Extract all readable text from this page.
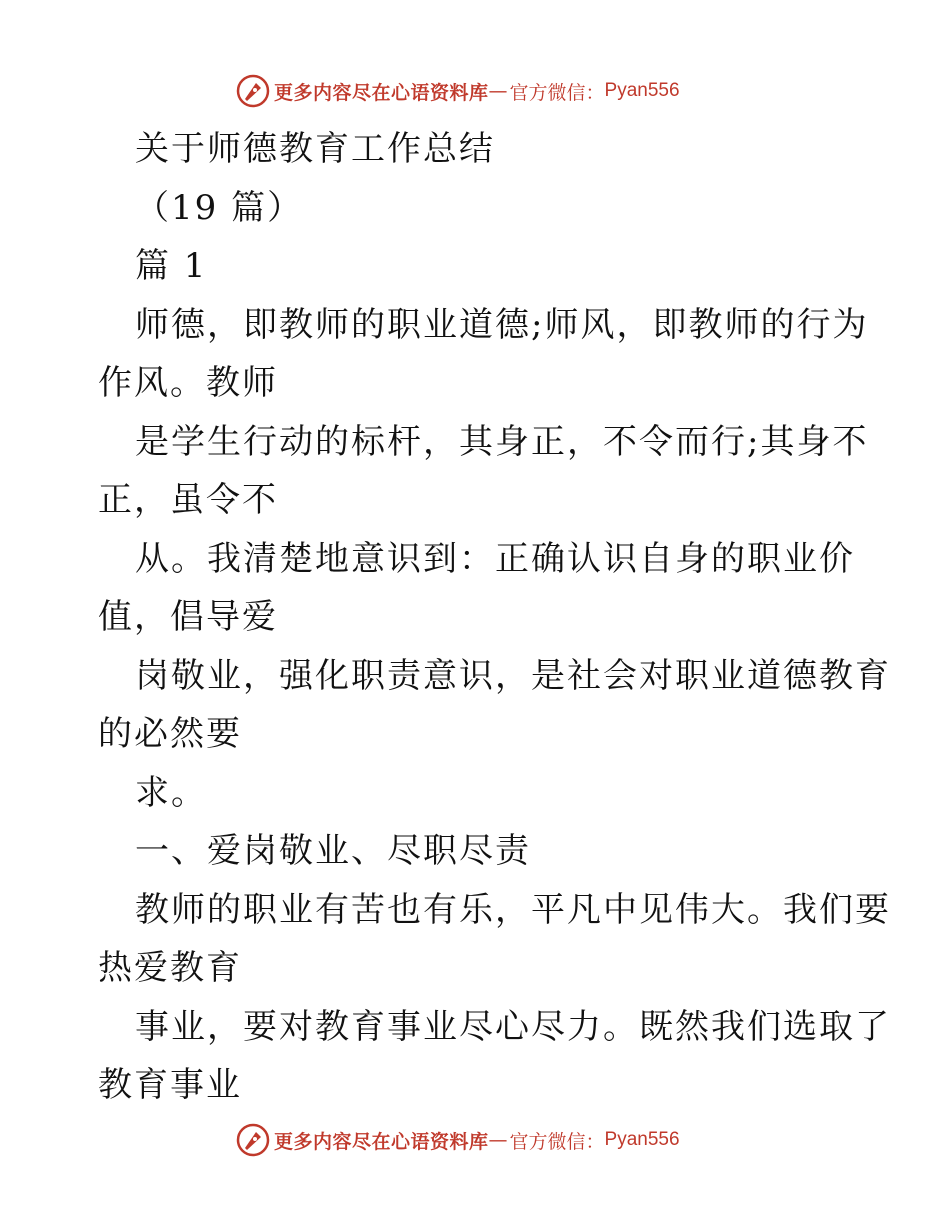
更多内容尽在心语资料库 — 官方微信： Pyan556
关于师德教育工作总结
（19 篇）
篇 1
师德，即教师的职业道德;师风，即教师的行为
作风。教师
是学生行动的标杆，其身正，不令而行;其身不
正，虽令不
从。我清楚地意识到：正确认识自身的职业价
值，倡导爱
岗敬业，强化职责意识，是社会对职业道德教育
的必然要
求。
一、爱岗敬业、尽职尽责
教师的职业有苦也有乐，平凡中见伟大。我们要
热爱教育
事业，要对教育事业尽心尽力。既然我们选取了
教育事业
更多内容尽在心语资料库 — 官方微信： Pyan556
